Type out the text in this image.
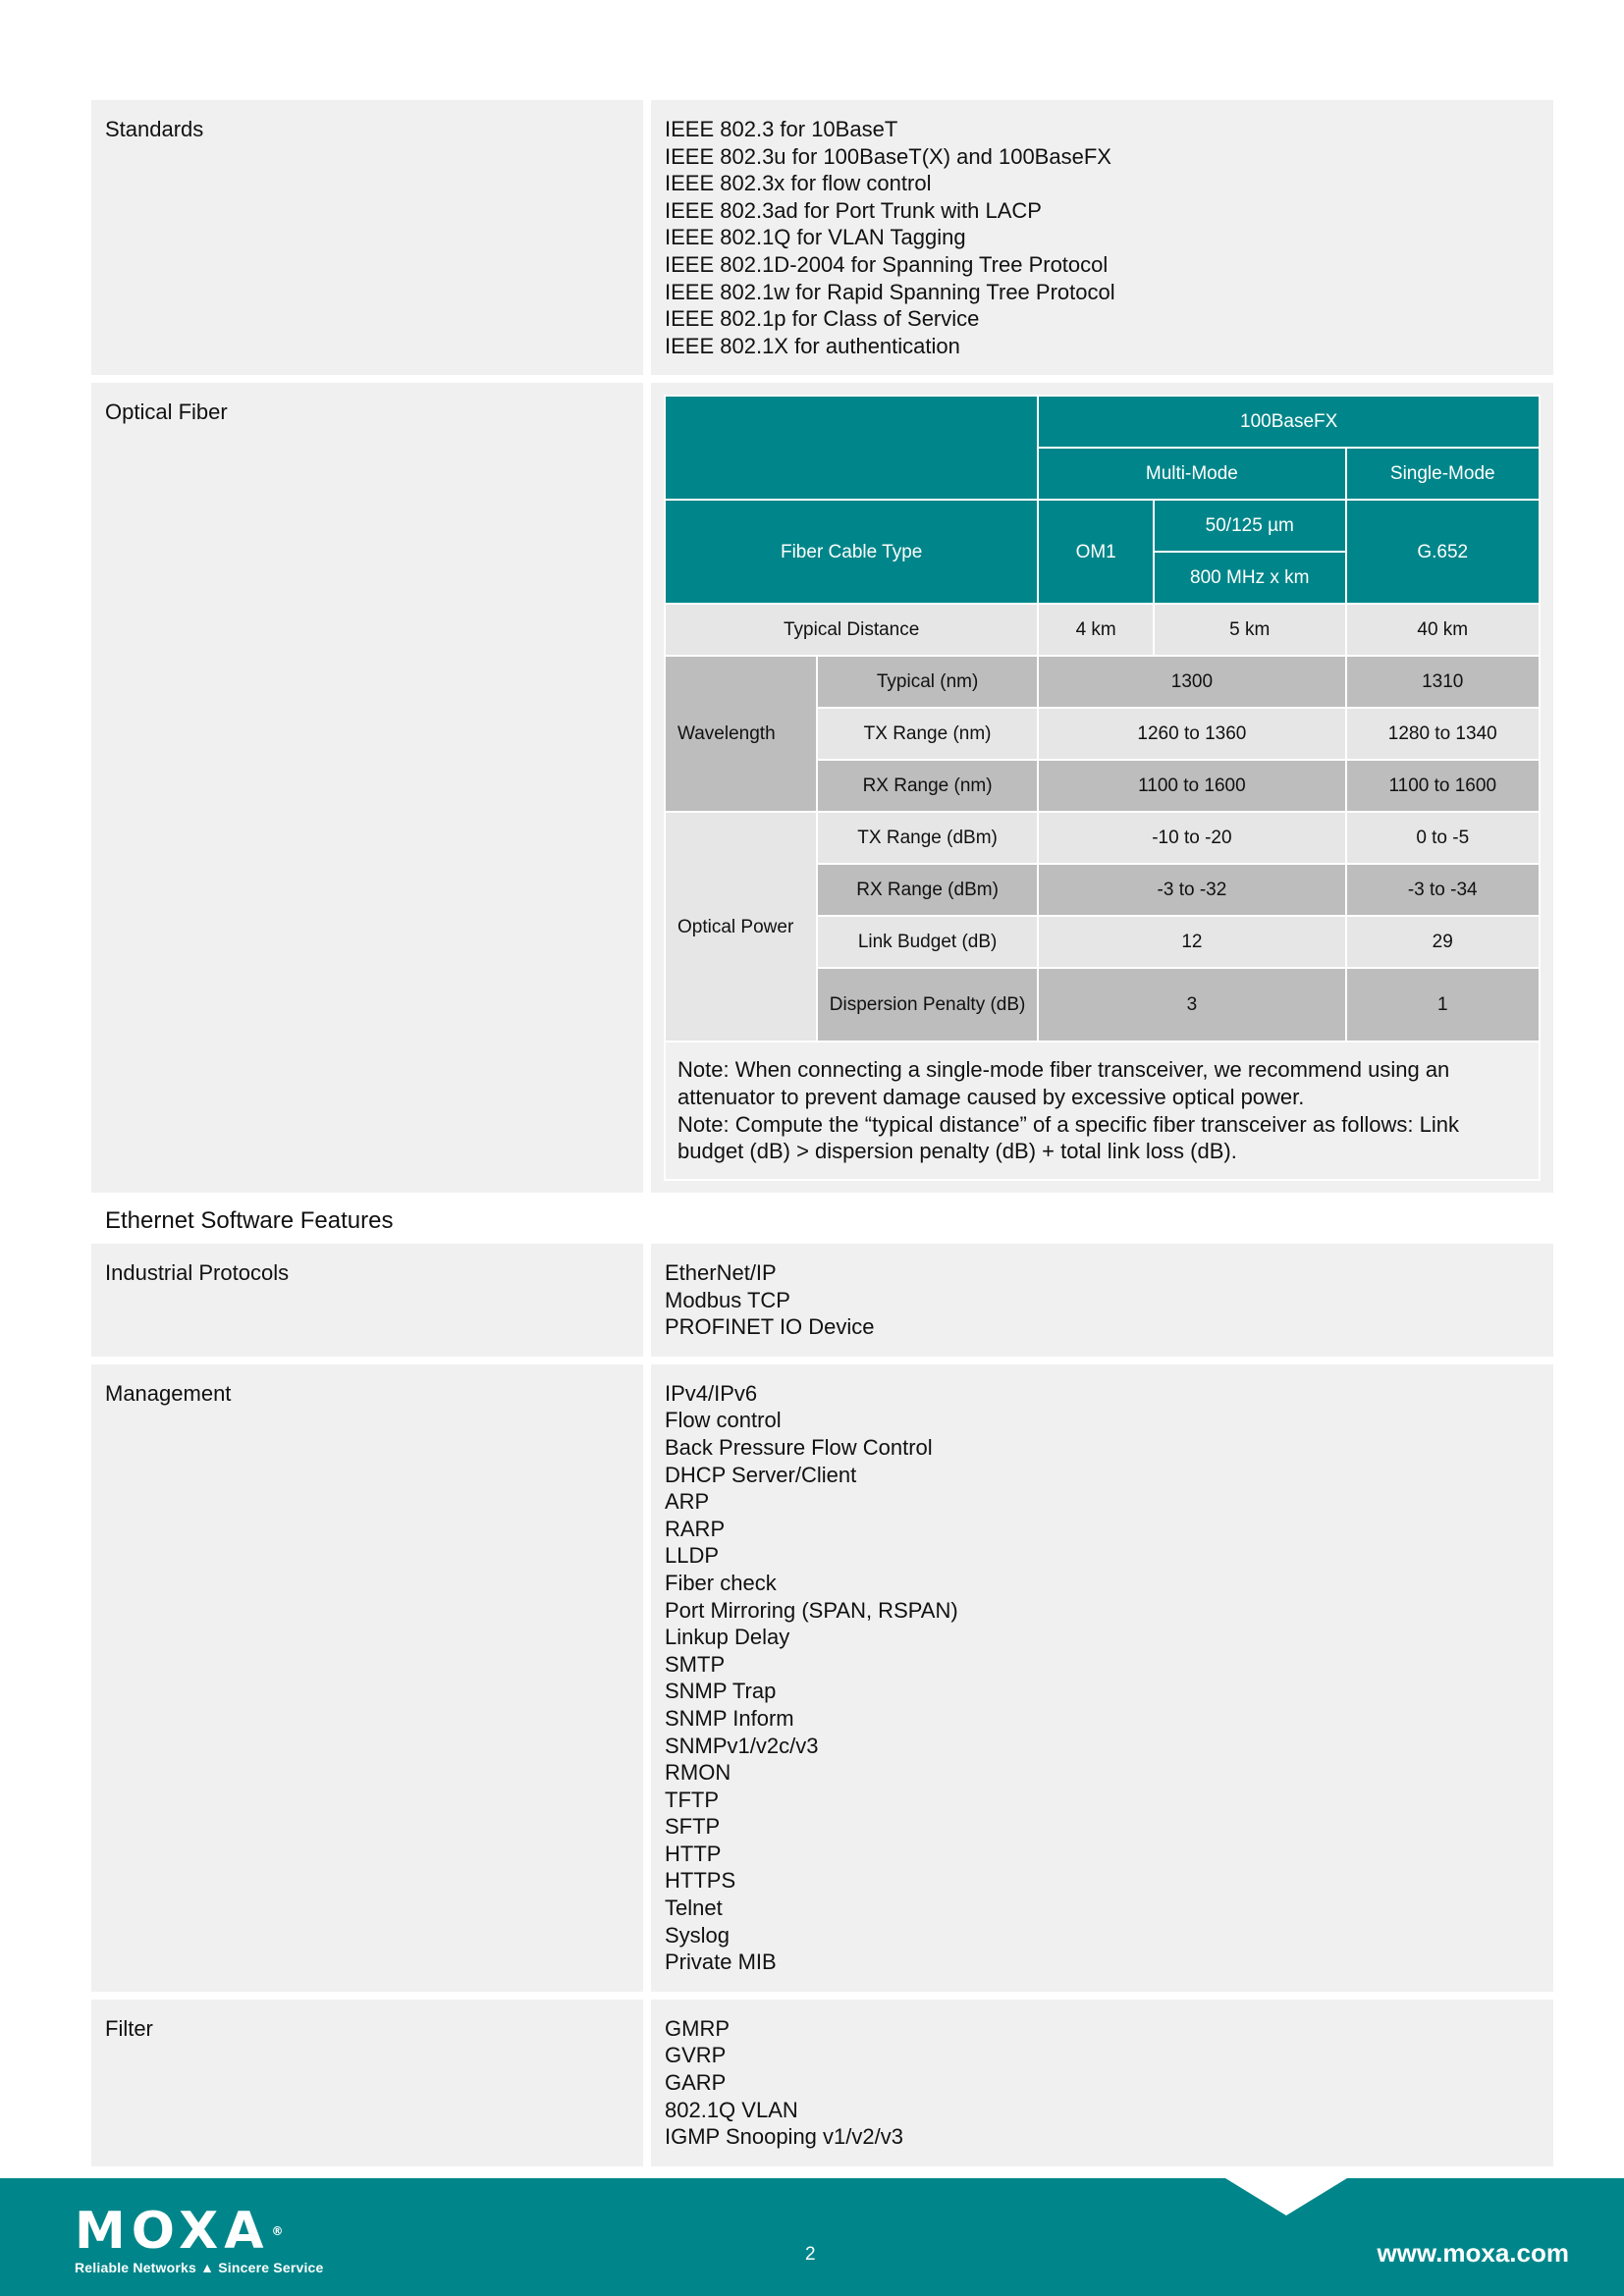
Standards	IEEE 802.3 for 10BaseT
IEEE 802.3u for 100BaseT(X) and 100BaseFX
IEEE 802.3x for flow control
IEEE 802.3ad for Port Trunk with LACP
IEEE 802.1Q for VLAN Tagging
IEEE 802.1D-2004 for Spanning Tree Protocol
IEEE 802.1w for Rapid Spanning Tree Protocol
IEEE 802.1p for Class of Service
IEEE 802.1X for authentication
Optical Fiber
		100BaseFX		
		Multi-Mode		Single-Mode
Fiber Cable Type		OM1	50/125 µm	G.652
			800 MHz x km	
Typical Distance		4 km	5 km	40 km
Wavelength	Typical (nm)	1300		1310
	TX Range (nm)	1260 to 1360		1280 to 1340
	RX Range (nm)	1100 to 1600		1100 to 1600
Optical Power	TX Range (dBm)	-10 to -20		0 to -5
	RX Range (dBm)	-3 to -32		-3 to -34
	Link Budget (dB)	12		29
	Dispersion Penalty (dB)	3		1

Note: When connecting a single-mode fiber transceiver, we recommend using an attenuator to prevent damage caused by excessive optical power.
Note: Compute the “typical distance” of a specific fiber transceiver as follows: Link budget (dB) > dispersion penalty (dB) + total link loss (dB).				
Ethernet Software Features
Industrial Protocols	EtherNet/IP
Modbus TCP
PROFINET IO Device
Management	IPv4/IPv6
Flow control
Back Pressure Flow Control
DHCP Server/Client
ARP
RARP
LLDP
Fiber check
Port Mirroring (SPAN, RSPAN)
Linkup Delay
SMTP
SNMP Trap
SNMP Inform
SNMPv1/v2c/v3
RMON
TFTP
SFTP
HTTP
HTTPS
Telnet
Syslog
Private MIB
Filter	GMRP
GVRP
GARP
802.1Q VLAN
IGMP Snooping v1/v2/v3
MOXA ®
Reliable Networks ▲ Sincere Service
2	www.moxa.com
